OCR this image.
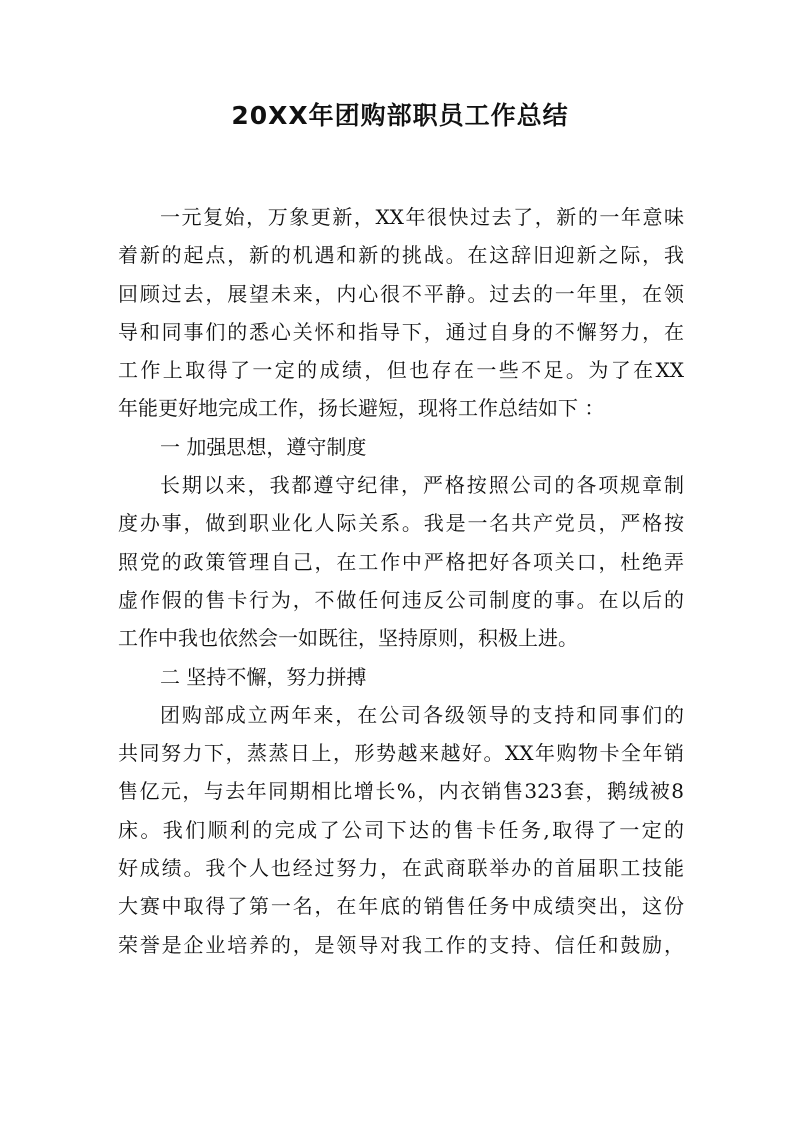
20XX年团购部职员工作总结

一元复始，万象更新，XX年很快过去了，新的一年意味

着新的起点，新的机遇和新的挑战。在这辞旧迎新之际，我

回顾过去，展望未来，内心很不平静。过去的一年里，在领

导和同事们的悉心关怀和指导下，通过自身的不懈努力，在

工作上取得了一定的成绩，但也存在一些不足。为了在XX

年能更好地完成工作，扬长避短，现将工作总结如下 ：

一 加强思想，遵守制度

长期以来，我都遵守纪律，严格按照公司的各项规章制

度办事，做到职业化人际关系。我是一名共产党员，严格按

照党的政策管理自己，在工作中严格把好各项关口，杜绝弄

虚作假的售卡行为，不做任何违反公司制度的事。在以后的

工作中我也依然会一如既往，坚持原则，积极上进。

二 坚持不懈，努力拼搏

团购部成立两年来，在公司各级领导的支持和同事们的

共同努力下，蒸蒸日上，形势越来越好。XX年购物卡全年销

售亿元，与去年同期相比增长%，内衣销售323套，鹅绒被8

床。我们顺利的完成了公司下达的售卡任务,取得了一定的

好成绩。我个人也经过努力，在武商联举办的首届职工技能

大赛中取得了第一名，在年底的销售任务中成绩突出，这份

荣誉是企业培养的，是领导对我工作的支持、信任和鼓励，
